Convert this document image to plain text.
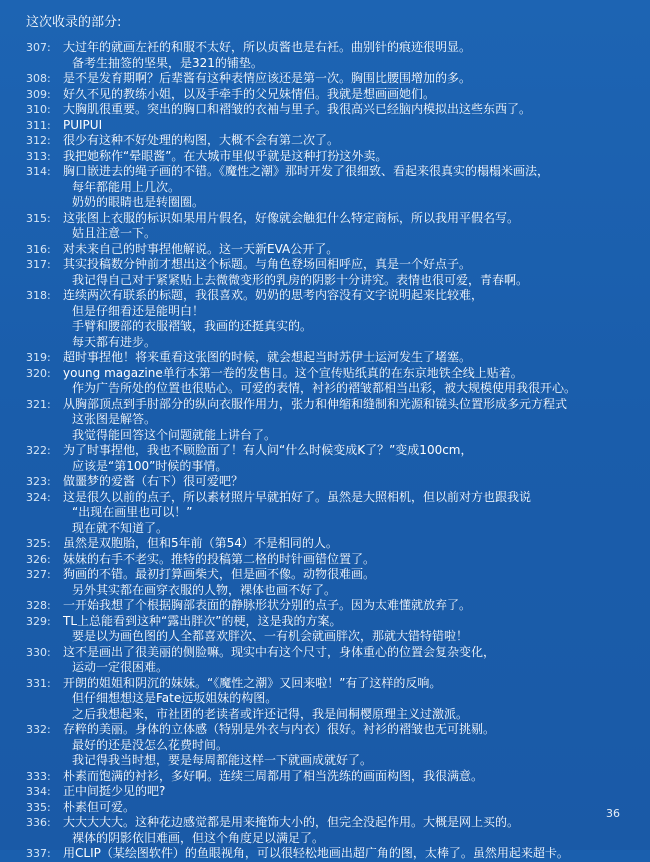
这次收录的部分:
307:	大过年的就画左衽的和服不太好，所以贞酱也是右衽。曲别针的痕迹很明显。
备考生抽签的坚果，是321的铺垫。
308:	是不是发育期啊？后辈酱有这种表情应该还是第一次。胸围比腰围增加的多。
309:	好久不见的教练小姐，以及手牵手的父兄妹情侣。我就是想画画她们。
310:	大胸肌很重要。突出的胸口和褶皱的衣袖与里子。我很高兴已经脑内模拟出这些东西了。
311:	PUIPUI
312:	很少有这种不好处理的构图，大概不会有第二次了。
313:	我把她称作“晕眼酱”。在大城市里似乎就是这种打扮这外卖。
314:	胸口嵌进去的绳子画的不错。《魔性之潮》那时开发了很细致、看起来很真实的榻榻米画法，
每年都能用上几次。
奶奶的眼睛也是转圈圈。
315:	这张图上衣服的标识如果用片假名，好像就会触犯什么特定商标，所以我用平假名写。
姑且注意一下。
316:	对未来自己的时事捏他解说。这一天新EVA公开了。
317:	其实投稿数分钟前才想出这个标题。与角色登场回相呼应，真是一个好点子。
我记得自己对于紧紧贴上去微微变形的乳房的阴影十分讲究。表情也很可爱，青春啊。
318:	连续两次有联系的标题，我很喜欢。奶奶的思考内容没有文字说明起来比较难，
但是仔细看还是能明白！
手臂和腰部的衣服褶皱，我画的还挺真实的。
每天都有进步。
319:	超时事捏他！将来重看这张图的时候，就会想起当时苏伊士运河发生了堵塞。
320:	young magazine单行本第一卷的发售日。这个宣传贴纸真的在东京地铁全线上贴着。
作为广告所处的位置也很贴心。可爱的表情，衬衫的褶皱都相当出彩，被大规模使用我很开心。
321:	从胸部顶点到手肘部分的纵向衣服作用力，张力和伸缩和缝制和光源和镜头位置形成多元方程式
这张图是解答。
我觉得能回答这个问题就能上讲台了。
322:	为了时事捏他，我也不顾脸面了！有人问“什么时候变成K了？”变成100cm，
应该是“第100”时候的事情。
323:	做噩梦的爱酱（右下）很可爱吧？
324:	这是很久以前的点子，所以素材照片早就拍好了。虽然是大照相机，但以前对方也跟我说
“出现在画里也可以！”
现在就不知道了。
325:	虽然是双胞胎，但和5年前（第54）不是相同的人。
326:	妹妹的右手不老实。推特的投稿第二格的时针画错位置了。
327:	狗画的不错。最初打算画柴犬，但是画不像。动物很难画。
另外其实都在画穿衣服的人物，裸体也画不好了。
328:	一开始我想了个根据胸部表面的静脉形状分别的点子。因为太难懂就放弃了。
329:	TL上总能看到这种“露出胖次”的梗，这是我的方案。
要是以为画色图的人全都喜欢胖次、一有机会就画胖次，那就大错特错啦！
330:	这不是画出了很美丽的侧脸嘛。现实中有这个尺寸，身体重心的位置会复杂变化，
运动一定很困难。
331:	开朗的姐姐和阴沉的妹妹。“《魔性之潮》又回来啦！”有了这样的反响。
但仔细想想这是Fate远坂姐妹的构图。
之后我想起来，市社团的老读者或许还记得，我是间桐樱原理主义过激派。
332:	存粹的美丽。身体的立体感（特别是外衣与内衣）很好。衬衫的褶皱也无可挑剔。
最好的还是没怎么花费时间。
我记得我当时想，要是每周都能这样一下就画成就好了。
333:	朴素而饱满的衬衫，多好啊。连续三周都用了相当洗练的画面构图，我很满意。
334:	正中间挺少见的吧?
335:	朴素但可爱。
336:	大大大大大。这种花边感觉都是用来掩饰大小的，但完全没起作用。大概是网上买的。
裸体的阴影依旧难画，但这个角度足以满足了。
337:	用CLIP（某绘图软件）的鱼眼视角，可以很轻松地画出超广角的图，太棒了。虽然用起来超卡。
36
